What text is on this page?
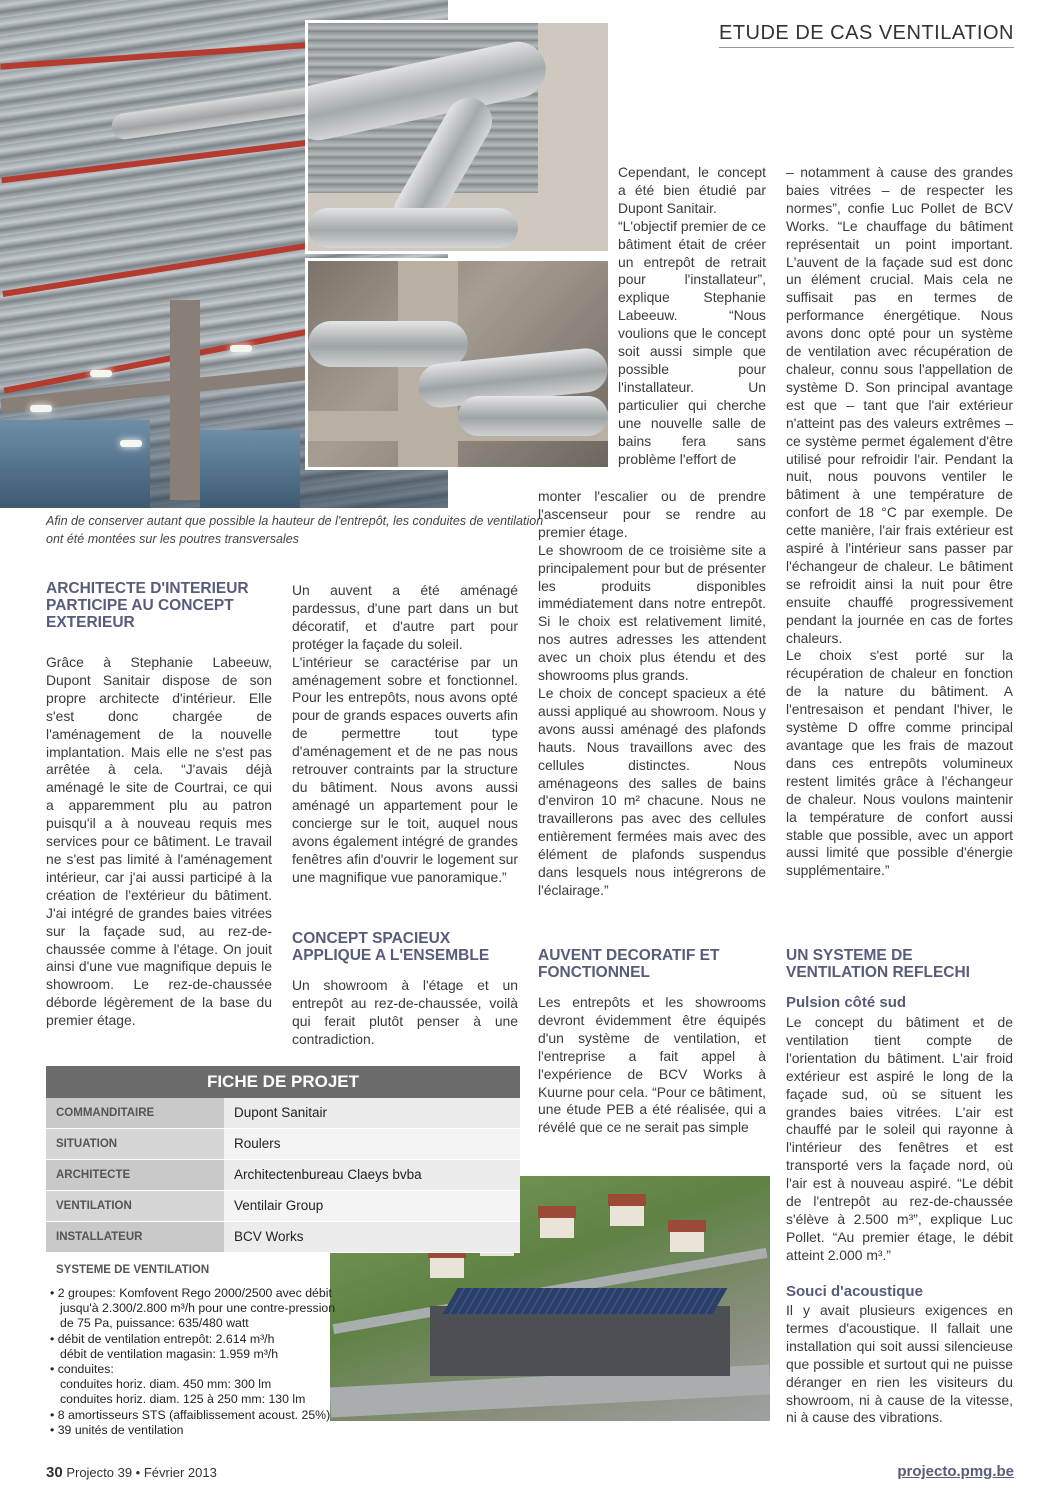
ETUDE DE CAS VENTILATION
Afin de conserver autant que possible la hauteur de l'entrepôt, les conduites de ventilation ont été montées sur les poutres transversales
ARCHITECTE D'INTERIEUR PARTICIPE AU CONCEPT EXTERIEUR
Grâce à Stephanie Labeeuw, Dupont Sanitair dispose de son propre architecte d'intérieur. Elle s'est donc chargée de l'aménagement de la nouvelle implantation. Mais elle ne s'est pas arrêtée à cela. “J'avais déjà aménagé le site de Courtrai, ce qui a apparemment plu au patron puisqu'il a à nouveau requis mes services pour ce bâtiment. Le travail ne s'est pas limité à l'aménagement intérieur, car j'ai aussi participé à la création de l'extérieur du bâtiment. J'ai intégré de grandes baies vitrées sur la façade sud, au rez-de-chaussée comme à l'étage. On jouit ainsi d'une vue magnifique depuis le showroom. Le rez-de-chaussée déborde légèrement de la base du premier étage.
Un auvent a été aménagé pardessus, d'une part dans un but décoratif, et d'autre part pour protéger la façade du soleil.
L'intérieur se caractérise par un aménagement sobre et fonctionnel. Pour les entrepôts, nous avons opté pour de grands espaces ouverts afin de permettre tout type d'aménagement et de ne pas nous retrouver contraints par la structure du bâtiment. Nous avons aussi aménagé un appartement pour le concierge sur le toit, auquel nous avons également intégré de grandes fenêtres afin d'ouvrir le logement sur une magnifique vue panoramique.”
CONCEPT SPACIEUX APPLIQUE A L'ENSEMBLE
Un showroom à l'étage et un entrepôt au rez-de-chaussée, voilà qui ferait plutôt penser à une contradiction.
Cependant, le concept a été bien étudié par Dupont Sanitair.
“L'objectif premier de ce bâtiment était de créer un entrepôt de retrait pour l'installateur”, explique Stephanie Labeeuw. “Nous voulions que le concept soit aussi simple que possible pour l'installateur. Un particulier qui cherche une nouvelle salle de bains fera sans problème l'effort de
monter l'escalier ou de prendre l'ascenseur pour se rendre au premier étage.
Le showroom de ce troisième site a principalement pour but de présenter les produits disponibles immédiatement dans notre entrepôt. Si le choix est relativement limité, nos autres adresses les attendent avec un choix plus étendu et des showrooms plus grands.
Le choix de concept spacieux a été aussi appliqué au showroom. Nous y avons aussi aménagé des plafonds hauts. Nous travaillons avec des cellules distinctes. Nous aménageons des salles de bains d'environ 10 m² chacune. Nous ne travaillerons pas avec des cellules entièrement fermées mais avec des élément de plafonds suspendus dans lesquels nous intégrerons de l'éclairage.”
AUVENT DECORATIF ET FONCTIONNEL
Les entrepôts et les showrooms devront évidemment être équipés d'un système de ventilation, et l'entreprise a fait appel à l'expérience de BCV Works à Kuurne pour cela. “Pour ce bâtiment, une étude PEB a été réalisée, qui a révélé que ce ne serait pas simple
– notamment à cause des grandes baies vitrées – de respecter les normes”, confie Luc Pollet de BCV Works. “Le chauffage du bâtiment représentait un point important. L'auvent de la façade sud est donc un élément crucial. Mais cela ne suffisait pas en termes de performance énergétique. Nous avons donc opté pour un système de ventilation avec récupération de chaleur, connu sous l'appellation de système D. Son principal avantage est que – tant que l'air extérieur n'atteint pas des valeurs extrêmes – ce système permet également d'être utilisé pour refroidir l'air. Pendant la nuit, nous pouvons ventiler le bâtiment à une température de confort de 18 °C par exemple. De cette manière, l'air frais extérieur est aspiré à l'intérieur sans passer par l'échangeur de chaleur. Le bâtiment se refroidit ainsi la nuit pour être ensuite chauffé progressivement pendant la journée en cas de fortes chaleurs.
Le choix s'est porté sur la récupération de chaleur en fonction de la nature du bâtiment. A l'entresaison et pendant l'hiver, le système D offre comme principal avantage que les frais de mazout dans ces entrepôts volumineux restent limités grâce à l'échangeur de chaleur. Nous voulons maintenir la température de confort aussi stable que possible, avec un apport aussi limité que possible d'énergie supplémentaire.”
UN SYSTEME DE VENTILATION REFLECHI
Pulsion côté sud
Le concept du bâtiment et de ventilation tient compte de l'orientation du bâtiment. L'air froid extérieur est aspiré le long de la façade sud, où se situent les grandes baies vitrées. L'air est chauffé par le soleil qui rayonne à l'intérieur des fenêtres et est transporté vers la façade nord, où l'air est à nouveau aspiré. “Le débit de l'entrepôt au rez-de-chaussée s'élève à 2.500 m³”, explique Luc Pollet. “Au premier étage, le débit atteint 2.000 m³.”
Souci d'acoustique
Il y avait plusieurs exigences en termes d'acoustique. Il fallait une installation qui soit aussi silencieuse que possible et surtout qui ne puisse déranger en rien les visiteurs du showroom, ni à cause de la vitesse, ni à cause des vibrations.
FICHE DE PROJET
COMMANDITAIRE	Dupont Sanitair
SITUATION	Roulers
ARCHITECTE	Architectenbureau Claeys bvba
VENTILATION	Ventilair Group
INSTALLATEUR	BCV Works
SYSTEME DE VENTILATION
• 2 groupes: Komfovent Rego 2000/2500 avec débit
jusqu'à 2.300/2.800 m³/h pour une contre-pression
de 75 Pa, puissance: 635/480 watt
• débit de ventilation entrepôt: 2.614 m³/h
débit de ventilation magasin: 1.959 m³/h
• conduites:
conduites horiz. diam. 450 mm: 300 lm
conduites horiz. diam. 125 à 250 mm: 130 lm
• 8 amortisseurs STS (affaiblissement acoust. 25%)
• 39 unités de ventilation
30 Projecto 39 • Février 2013	projecto.pmg.be
